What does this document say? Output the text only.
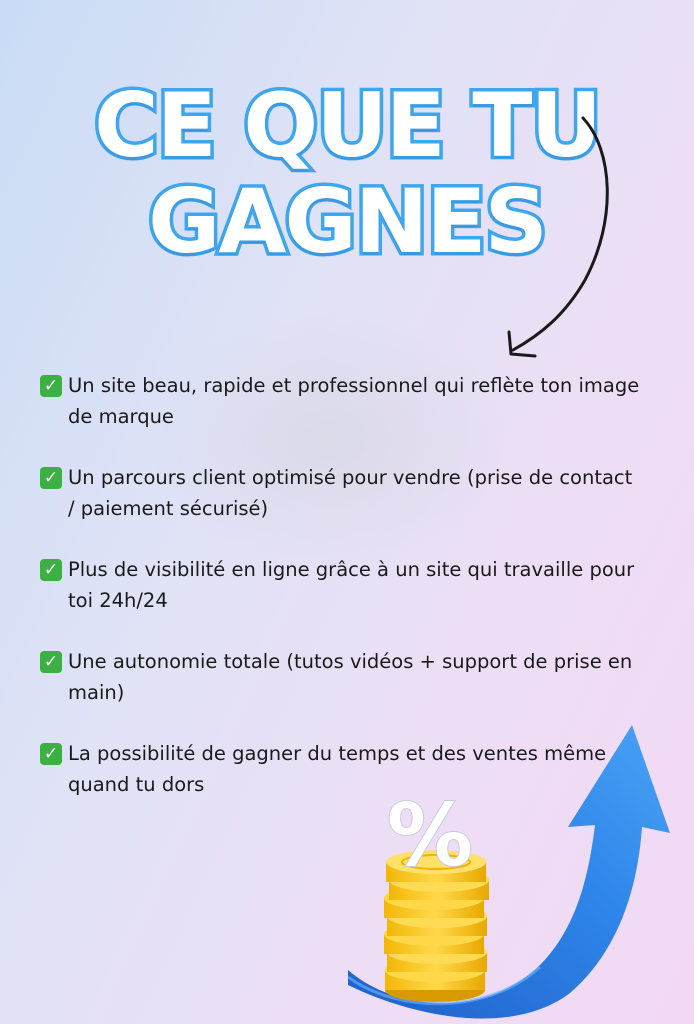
CE QUE TU
GAGNES
✓ Un site beau, rapide et professionnel qui reflète ton image de marque
✓ Un parcours client optimisé pour vendre (prise de contact / paiement sécurisé)
✓ Plus de visibilité en ligne grâce à un site qui travaille pour toi 24h/24
✓ Une autonomie totale (tutos vidéos + support de prise en main)
✓ La possibilité de gagner du temps et des ventes même quand tu dors
%
